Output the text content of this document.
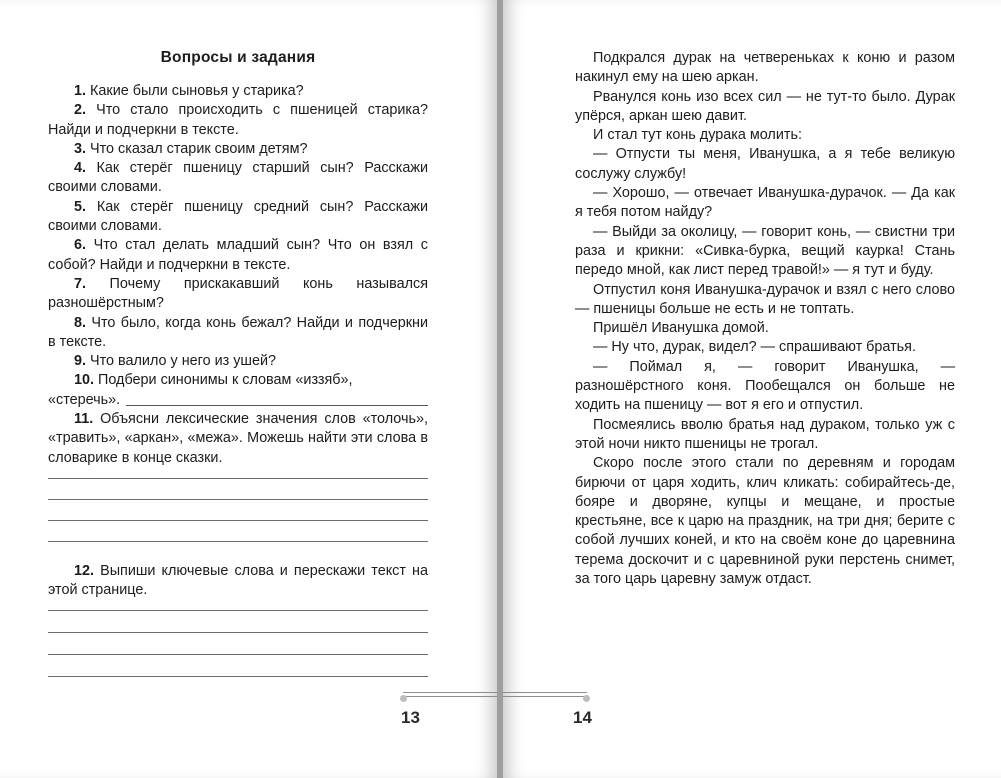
Вопросы и задания

1. Какие были сыновья у старика?

2. Что стало происходить с пшеницей старика? Найди и подчеркни в тексте.

3. Что сказал старик своим детям?

4. Как стерёг пшеницу старший сын? Расскажи своими словами.

5. Как стерёг пшеницу средний сын? Расскажи своими словами.

6. Что стал делать младший сын? Что он взял с собой? Найди и подчеркни в тексте.

7. Почему прискакавший конь назывался разношёрстным?

8. Что было, когда конь бежал? Найди и подчеркни в тексте.

9. Что валило у него из ушей?

10. Подбери синонимы к словам «иззяб»,

«стеречь».

11. Объясни лексические значения слов «толочь», «травить», «аркан», «межа». Можешь найти эти слова в словарике в конце сказки.

12. Выпиши ключевые слова и перескажи текст на этой странице.

13

Подкрался дурак на четвереньках к коню и разом накинул ему на шею аркан.

Рванулся конь изо всех сил — не тут-то было. Дурак упёрся, аркан шею давит.

И стал тут конь дурака молить:

— Отпусти ты меня, Иванушка, а я тебе великую сослужу службу!

— Хорошо, — отвечает Иванушка-дурачок. — Да как я тебя потом найду?

— Выйди за околицу, — говорит конь, — свистни три раза и крикни: «Сивка-бурка, вещий каурка! Стань передо мной, как лист перед травой!» — я тут и буду.

Отпустил коня Иванушка-дурачок и взял с него слово — пшеницы больше не есть и не топтать.

Пришёл Иванушка домой.

— Ну что, дурак, видел? — спрашивают братья.

— Поймал я, — говорит Иванушка, — разношёрстного коня. Пообещался он больше не ходить на пшеницу — вот я его и отпустил.

Посмеялись вволю братья над дураком, только уж с этой ночи никто пшеницы не трогал.

Скоро после этого стали по деревням и городам бирючи от царя ходить, клич кликать: собирайтесь-де, бояре и дворяне, купцы и мещане, и простые крестьяне, все к царю на праздник, на три дня; берите с собой лучших коней, и кто на своём коне до царевнина терема доскочит и с царевниной руки перстень снимет, за того царь царевну замуж отдаст.

14
